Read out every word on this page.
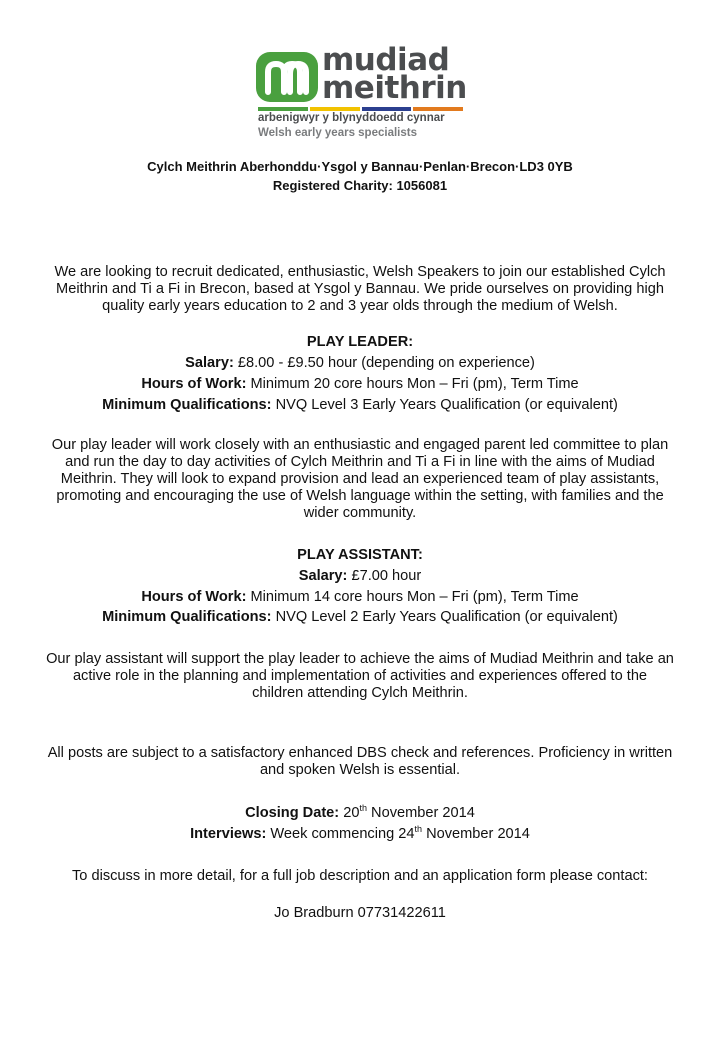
mudiad
meithrin
arbenigwyr y blynyddoedd cynnar
Welsh early years specialists
Cylch Meithrin Aberhonddu·Ysgol y Bannau·Penlan·Brecon·LD3 0YB
Registered Charity: 1056081
We are looking to recruit dedicated, enthusiastic, Welsh Speakers to join our established Cylch Meithrin and Ti a Fi in Brecon, based at Ysgol y Bannau. We pride ourselves on providing high quality early years education to 2 and 3 year olds through the medium of Welsh.
PLAY LEADER:
Salary: £8.00 - £9.50 hour (depending on experience)
Hours of Work: Minimum 20 core hours Mon – Fri (pm), Term Time
Minimum Qualifications: NVQ Level 3 Early Years Qualification (or equivalent)
Our play leader will work closely with an enthusiastic and engaged parent led committee to plan and run the day to day activities of Cylch Meithrin and Ti a Fi in line with the aims of Mudiad Meithrin. They will look to expand provision and lead an experienced team of play assistants, promoting and encouraging the use of Welsh language within the setting, with families and the wider community.
PLAY ASSISTANT:
Salary: £7.00 hour
Hours of Work: Minimum 14 core hours Mon – Fri (pm), Term Time
Minimum Qualifications: NVQ Level 2 Early Years Qualification (or equivalent)
Our play assistant will support the play leader to achieve the aims of Mudiad Meithrin and take an active role in the planning and implementation of activities and experiences offered to the children attending Cylch Meithrin.
All posts are subject to a satisfactory enhanced DBS check and references. Proficiency in written and spoken Welsh is essential.
Closing Date: 20th November 2014
Interviews: Week commencing 24th November 2014
To discuss in more detail, for a full job description and an application form please contact:
Jo Bradburn 07731422611
